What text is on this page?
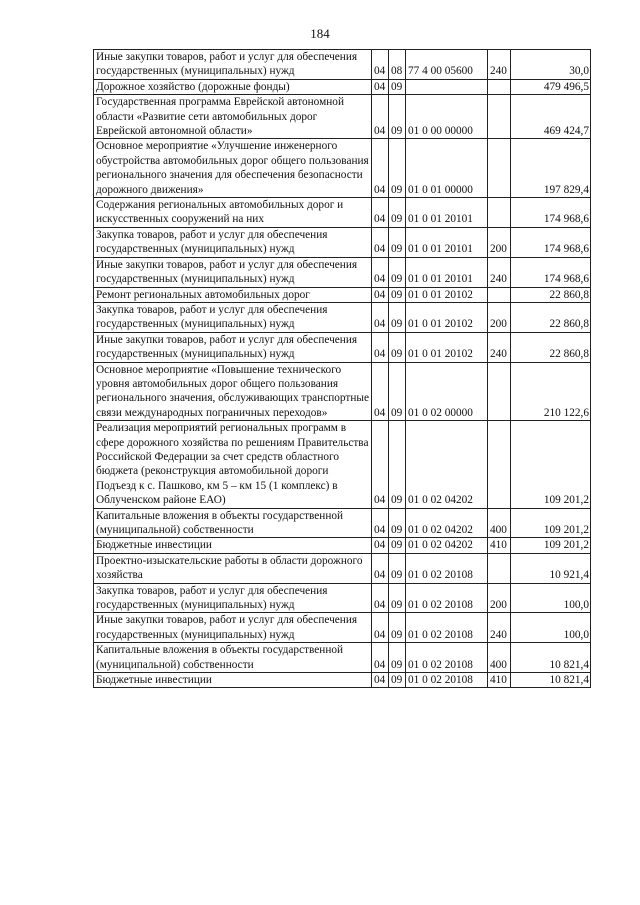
184
Иные закупки товаров, работ и услуг для обеспечения государственных (муниципальных) нужд	04	08	77 4 00 05600	240	30,0
Дорожное хозяйство (дорожные фонды)	04	09			479 496,5
Государственная программа Еврейской автономной области «Развитие сети автомобильных дорог Еврейской автономной области»	04	09	01 0 00 00000		469 424,7
Основное мероприятие «Улучшение инженерного обустройства автомобильных дорог общего пользования регионального значения для обеспечения безопасности дорожного движения»	04	09	01 0 01 00000		197 829,4
Содержания региональных автомобильных дорог и искусственных сооружений на них	04	09	01 0 01 20101		174 968,6
Закупка товаров, работ и услуг для обеспечения государственных (муниципальных) нужд	04	09	01 0 01 20101	200	174 968,6
Иные закупки товаров, работ и услуг для обеспечения государственных (муниципальных) нужд	04	09	01 0 01 20101	240	174 968,6
Ремонт региональных автомобильных дорог	04	09	01 0 01 20102		22 860,8
Закупка товаров, работ и услуг для обеспечения государственных (муниципальных) нужд	04	09	01 0 01 20102	200	22 860,8
Иные закупки товаров, работ и услуг для обеспечения государственных (муниципальных) нужд	04	09	01 0 01 20102	240	22 860,8
Основное мероприятие «Повышение технического уровня автомобильных дорог общего пользования регионального значения, обслуживающих транспортные связи международных пограничных переходов»	04	09	01 0 02 00000		210 122,6
Реализация мероприятий региональных программ в сфере дорожного хозяйства по решениям Правительства Российской Федерации за счет средств областного бюджета (реконструкция автомобильной дороги Подъезд к с. Пашково, км 5 – км 15 (1 комплекс) в Облученском районе ЕАО)	04	09	01 0 02 04202		109 201,2
Капитальные вложения в объекты государственной (муниципальной) собственности	04	09	01 0 02 04202	400	109 201,2
Бюджетные инвестиции	04	09	01 0 02 04202	410	109 201,2
Проектно-изыскательские работы в области дорожного хозяйства	04	09	01 0 02 20108		10 921,4
Закупка товаров, работ и услуг для обеспечения государственных (муниципальных) нужд	04	09	01 0 02 20108	200	100,0
Иные закупки товаров, работ и услуг для обеспечения государственных (муниципальных) нужд	04	09	01 0 02 20108	240	100,0
Капитальные вложения в объекты государственной (муниципальной) собственности	04	09	01 0 02 20108	400	10 821,4
Бюджетные инвестиции	04	09	01 0 02 20108	410	10 821,4
